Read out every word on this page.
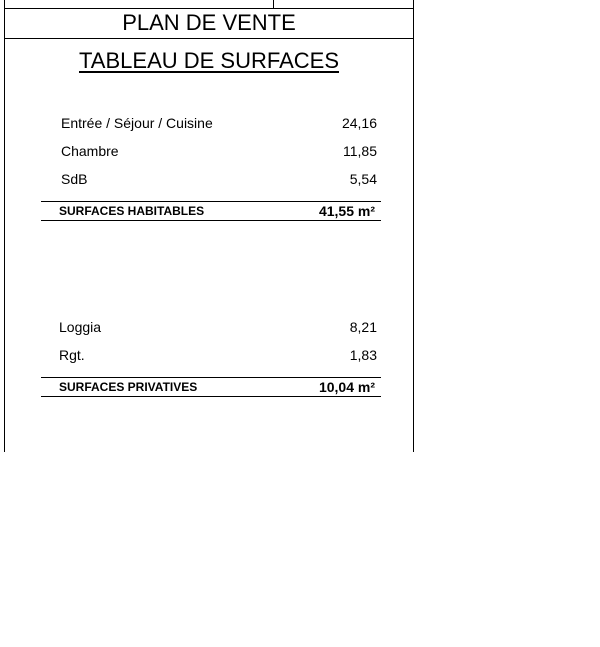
PLAN DE VENTE
TABLEAU DE SURFACES
Entrée / Séjour / Cuisine	24,16
Chambre	11,85
SdB	5,54
SURFACES HABITABLES	41,55 m²
Loggia	8,21
Rgt.	1,83
SURFACES PRIVATIVES	10,04 m²
